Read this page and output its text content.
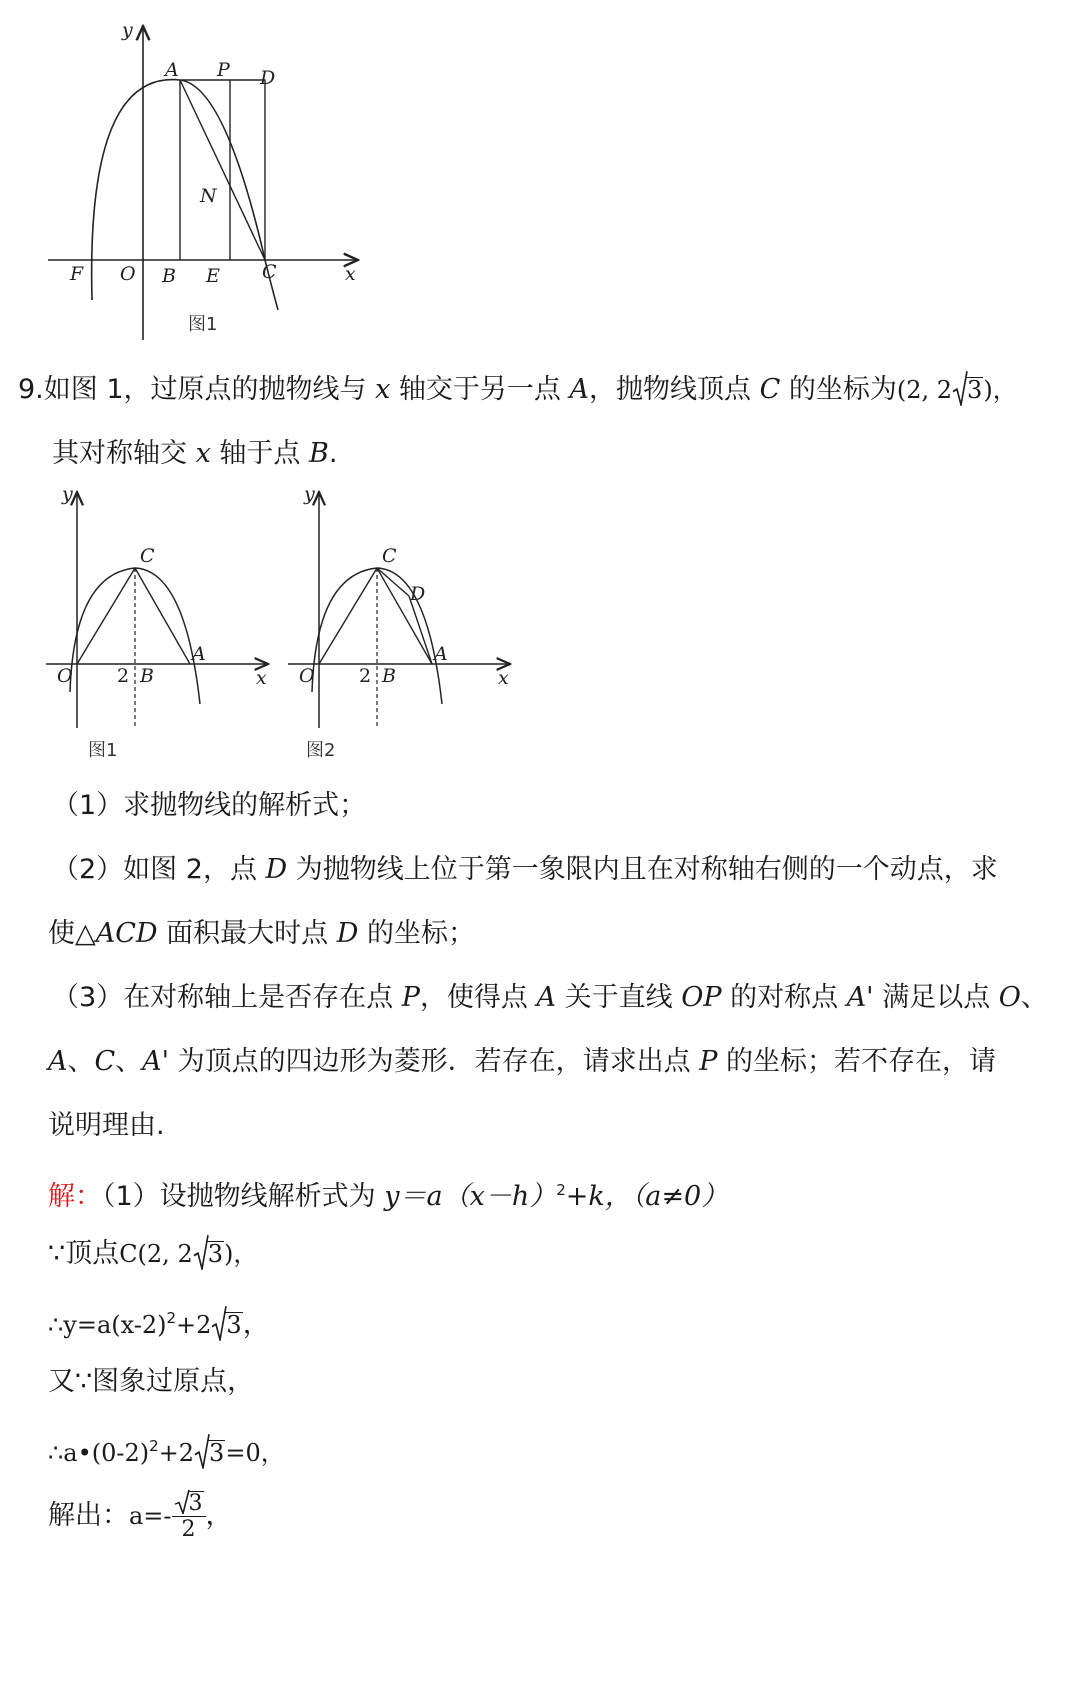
y
x
A P D
N
F O B E C
图1
9.如图 1，过原点的抛物线与 x 轴交于另一点 A，抛物线顶点 C 的坐标为(2, 2 3)，
其对称轴交 x 轴于点 B.
y
x
C
O 2 B
A
图1
y
x
C
D
O 2 B
A
图2
（1）求抛物线的解析式；
（2）如图 2，点 D 为抛物线上位于第一象限内且在对称轴右侧的一个动点，求
使△ACD 面积最大时点 D 的坐标；
（3）在对称轴上是否存在点 P，使得点 A 关于直线 OP 的对称点 A' 满足以点 O、
A、C、A' 为顶点的四边形为菱形．若存在，请求出点 P 的坐标；若不存在，请
说明理由.
解：（1）设抛物线解析式为 $y=a(x-h)^2+k$，（a≠0）
∵顶点C(2, 2 3)，
$\therefore y=a(x-2)^2+2$ 3，
又∵图象过原点，
$\therefore a•(0-2)^2+2$ 3=0，
解出：$a=- \frac{3}{2}$ ，
